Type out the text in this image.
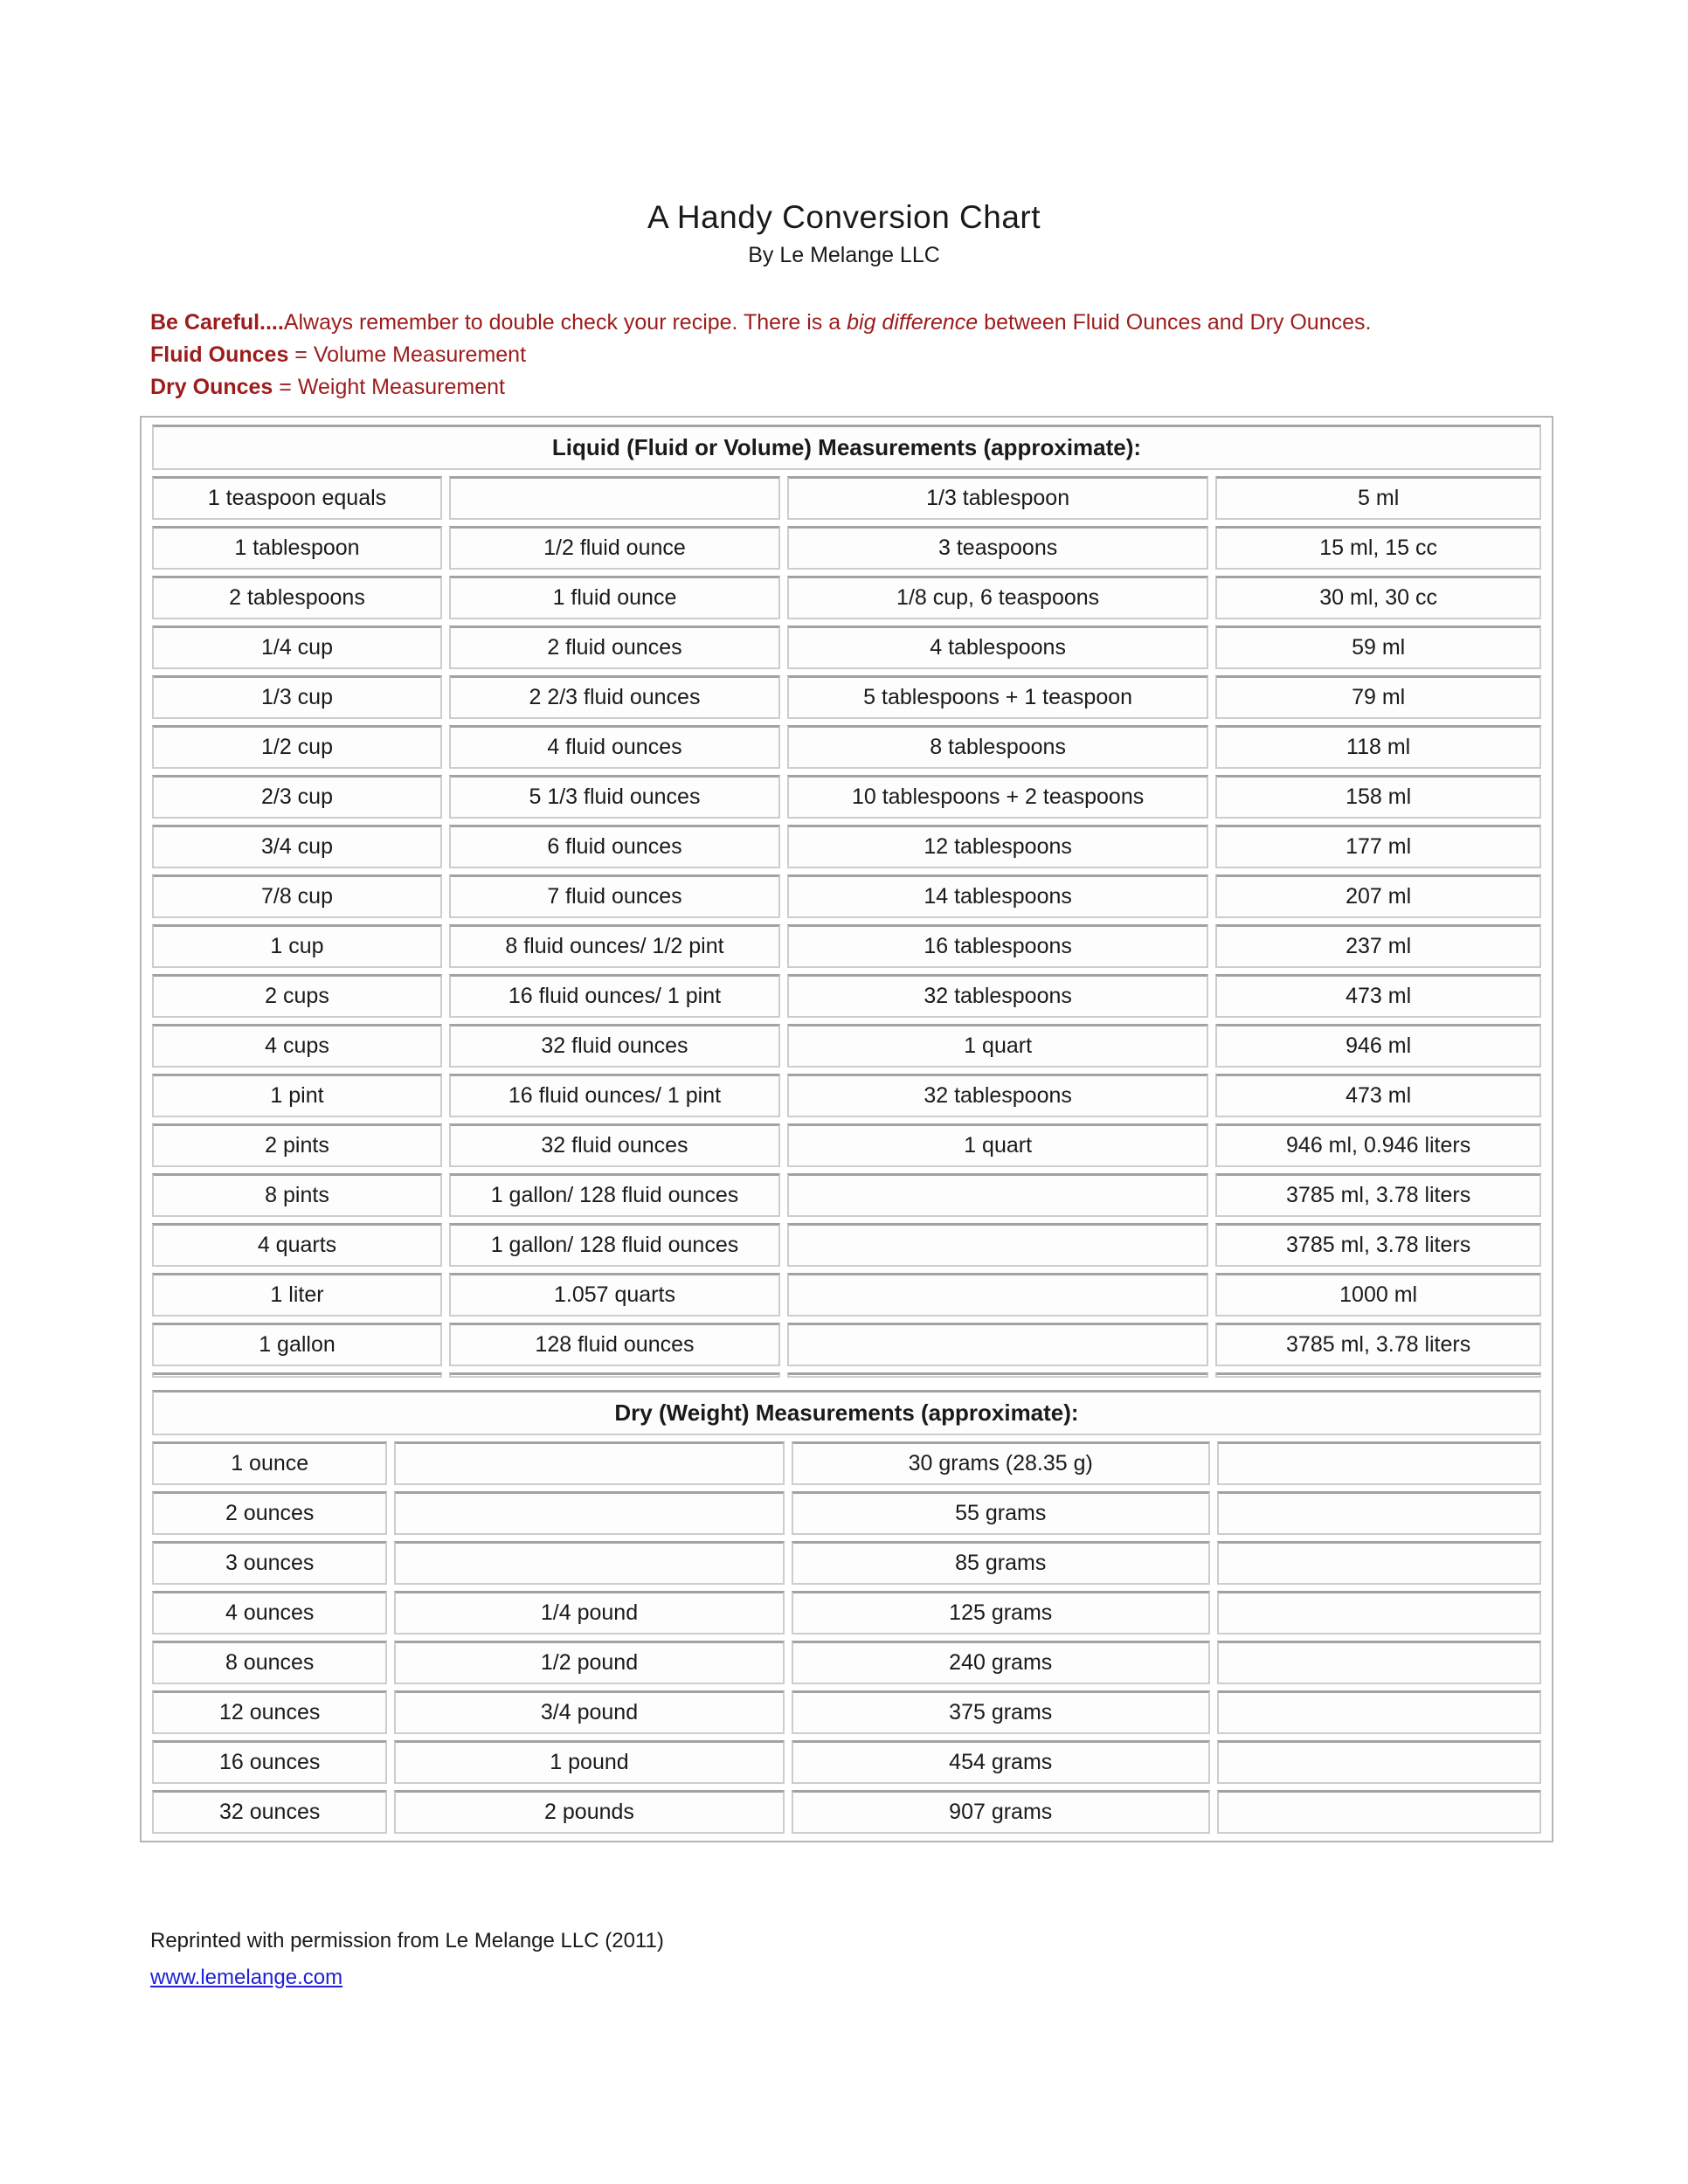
A Handy Conversion Chart
By Le Melange LLC

Be Careful....Always remember to double check your recipe. There is a big difference between Fluid Ounces and Dry Ounces.

Fluid Ounces = Volume Measurement

Dry Ounces = Weight Measurement

Liquid (Fluid or Volume) Measurements (approximate):			
1 teaspoon equals		1/3 tablespoon	5 ml
1 tablespoon	1/2 fluid ounce	3 teaspoons	15 ml, 15 cc
2 tablespoons	1 fluid ounce	1/8 cup, 6 teaspoons	30 ml, 30 cc
1/4 cup	2 fluid ounces	4 tablespoons	59 ml
1/3 cup	2 2/3 fluid ounces	5 tablespoons + 1 teaspoon	79 ml
1/2 cup	4 fluid ounces	8 tablespoons	118 ml
2/3 cup	5 1/3 fluid ounces	10 tablespoons + 2 teaspoons	158 ml
3/4 cup	6 fluid ounces	12 tablespoons	177 ml
7/8 cup	7 fluid ounces	14 tablespoons	207 ml
1 cup	8 fluid ounces/ 1/2 pint	16 tablespoons	237 ml
2 cups	16 fluid ounces/ 1 pint	32 tablespoons	473 ml
4 cups	32 fluid ounces	1 quart	946 ml
1 pint	16 fluid ounces/ 1 pint	32 tablespoons	473 ml
2 pints	32 fluid ounces	1 quart	946 ml, 0.946 liters
8 pints	1 gallon/ 128 fluid ounces		3785 ml, 3.78 liters
4 quarts	1 gallon/ 128 fluid ounces		3785 ml, 3.78 liters
1 liter	1.057 quarts		1000 ml
1 gallon	128 fluid ounces		3785 ml, 3.78 liters

Dry (Weight) Measurements (approximate):			
1 ounce		30 grams (28.35 g)	
2 ounces		55 grams	
3 ounces		85 grams	
4 ounces	1/4 pound	125 grams	
8 ounces	1/2 pound	240 grams	
12 ounces	3/4 pound	375 grams	
16 ounces	1 pound	454 grams	
32 ounces	2 pounds	907 grams	
Reprinted with permission from Le Melange LLC (2011)
www.lemelange.com
